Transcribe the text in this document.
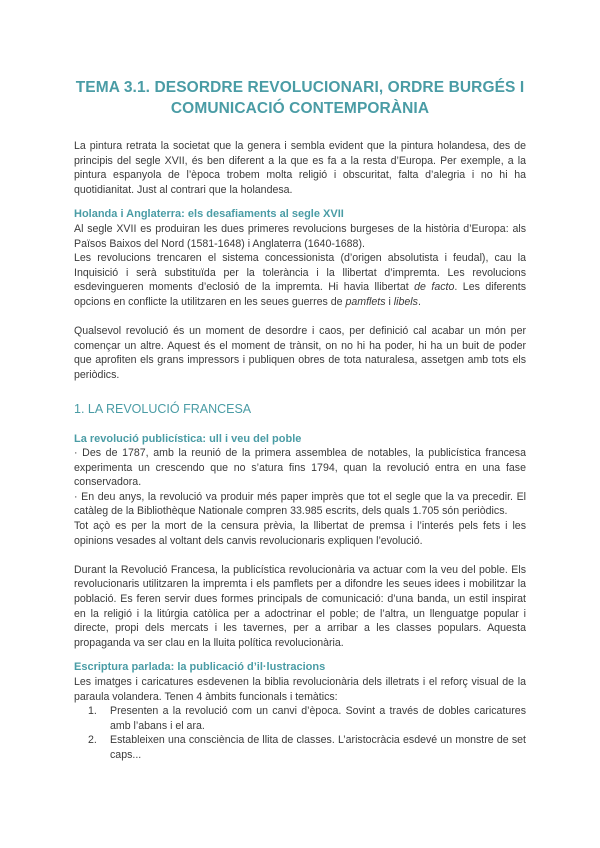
TEMA 3.1. DESORDRE REVOLUCIONARI, ORDRE BURGÉS I COMUNICACIÓ CONTEMPORÀNIA

La pintura retrata la societat que la genera i sembla evident que la pintura holandesa, des de principis del segle XVII, és ben diferent a la que es fa a la resta d’Europa. Per exemple, a la pintura espanyola de l’època trobem molta religió i obscuritat, falta d’alegria i no hi ha quotidianitat. Just al contrari que la holandesa.

Holanda i Anglaterra: els desafiaments al segle XVII

Al segle XVII es produiran les dues primeres revolucions burgeses de la història d’Europa: als Països Baixos del Nord (1581-1648) i Anglaterra (1640-1688).

Les revolucions trencaren el sistema concessionista (d’origen absolutista i feudal), cau la Inquisició i serà substituïda per la tolerància i la llibertat d’impremta. Les revolucions esdevingueren moments d’eclosió de la impremta. Hi havia llibertat de facto. Les diferents opcions en conflicte la utilitzaren en les seues guerres de pamflets i libels.

Qualsevol revolució és un moment de desordre i caos, per definició cal acabar un món per començar un altre. Aquest és el moment de trànsit, on no hi ha poder, hi ha un buit de poder que aprofiten els grans impressors i publiquen obres de tota naturalesa, assetgen amb tots els periòdics.

1. LA REVOLUCIÓ FRANCESA

La revolució publicística: ull i veu del poble

· Des de 1787, amb la reunió de la primera assemblea de notables, la publicística francesa experimenta un crescendo que no s’atura fins 1794, quan la revolució entra en una fase conservadora.

· En deu anys, la revolució va produir més paper imprès que tot el segle que la va precedir. El catàleg de la Bibliothèque Nationale compren 33.985 escrits, dels quals 1.705 són periòdics.

Tot açò es per la mort de la censura prèvia, la llibertat de premsa i l’interés pels fets i les opinions vesades al voltant dels canvis revolucionaris expliquen l’evolució.

Durant la Revolució Francesa, la publicística revolucionària va actuar com la veu del poble. Els revolucionaris utilitzaren la impremta i els pamflets per a difondre les seues idees i mobilitzar la població. Es feren servir dues formes principals de comunicació: d’una banda, un estil inspirat en la religió i la litúrgia catòlica per a adoctrinar el poble; de l’altra, un llenguatge popular i directe, propi dels mercats i les tavernes, per a arribar a les classes populars. Aquesta propaganda va ser clau en la lluita política revolucionària.

Escriptura parlada: la publicació d’il·lustracions

Les imatges i caricatures esdevenen la biblia revolucionària dels illetrats i el reforç visual de la paraula volandera. Tenen 4 àmbits funcionals i temàtics:

1. Presenten a la revolució com un canvi d’època. Sovint a través de dobles caricatures amb l’abans i el ara.
2. Estableixen una consciència de llita de classes. L’aristocràcia esdevé un monstre de set caps...
